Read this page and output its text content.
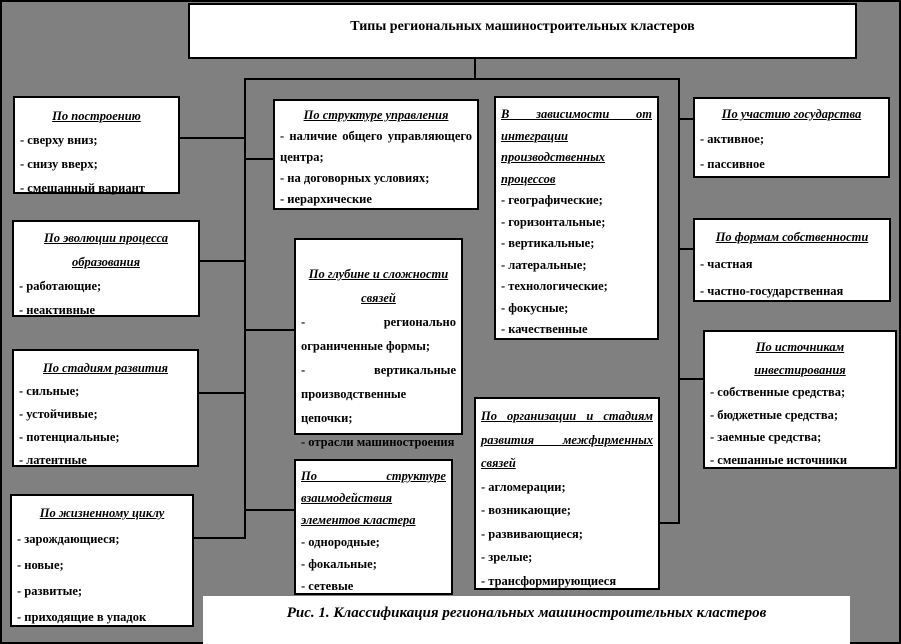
Типы региональных машиностроительных кластеров
По построению
- сверху вниз;
- снизу вверх;
- смешанный вариант
По эволюции процесса образования
- работающие;
- неактивные
По стадиям развития
- сильные;
- устойчивые;
- потенциальные;
- латентные
По жизненному циклу
- зарождающиеся;
- новые;
- развитые;
- приходящие в упадок
По структуре управления
- наличие общего управляющего центра;
- на договорных условиях;
- иерархические
По глубине и сложности связей
- регионально ограниченные формы;
- вертикальные производственные цепочки;
- отрасли машиностроения
По структуре взаимодействия элементов кластера
- однородные;
- фокальные;
- сетевые
В зависимости от интеграции производственных процессов
- географические;
- горизонтальные;
- вертикальные;
- латеральные;
- технологические;
- фокусные;
- качественные
По организации и стадиям развития межфирменных связей
- агломерации;
- возникающие;
- развивающиеся;
- зрелые;
- трансформирующиеся
По участию государства
- активное;
- пассивное
По формам собственности
- частная
- частно-государственная
По источникам инвестирования
- собственные средства;
- бюджетные средства;
- заемные средства;
- смешанные источники
Рис. 1. Классификация региональных машиностроительных кластеров
